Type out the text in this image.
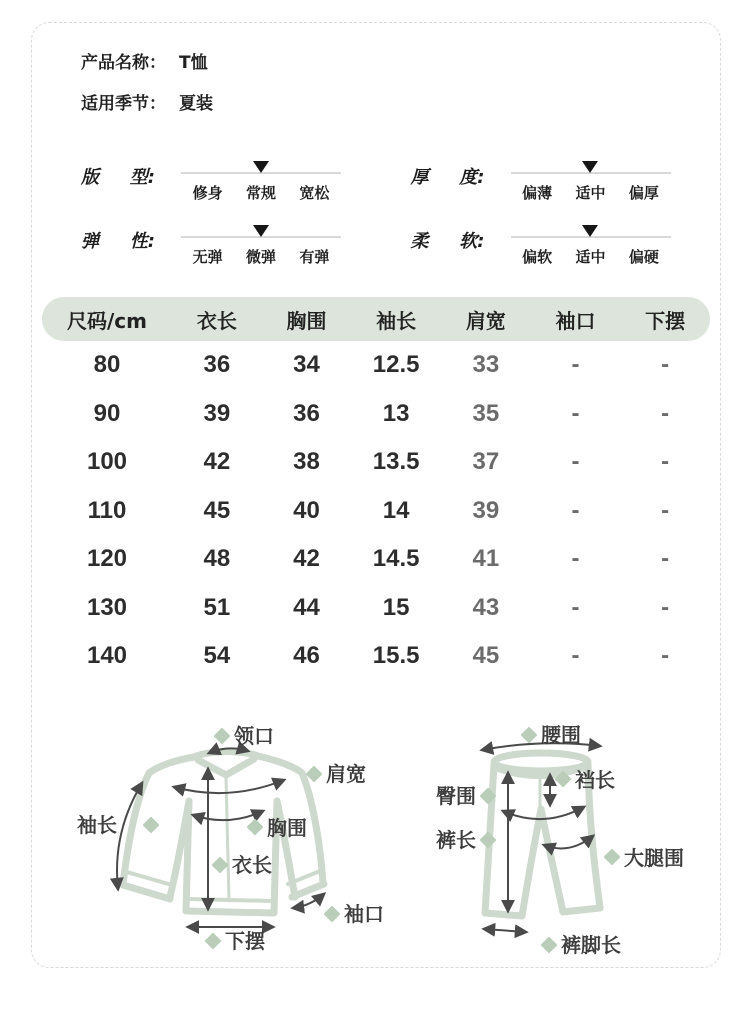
产品名称： T恤
适用季节： 夏装
版 型:
修身	常规	宽松
厚 度:
偏薄	适中	偏厚
弹 性:
无弹	微弹	有弹
柔 软:
偏软	适中	偏硬
尺码/cm	衣长	胸围	袖长	肩宽	袖口	下摆
80	36	34	12.5	33	-	-
90	39	36	13	35	-	-
100	42	38	13.5	37	-	-
110	45	40	14	39	-	-
120	48	42	14.5	41	-	-
130	51	44	15	43	-	-
140	54	46	15.5	45	-	-
领口
肩宽
袖长	胸围
衣长
袖口
下摆
腰围
裆长
臀围
裤长
大腿围
裤脚长
